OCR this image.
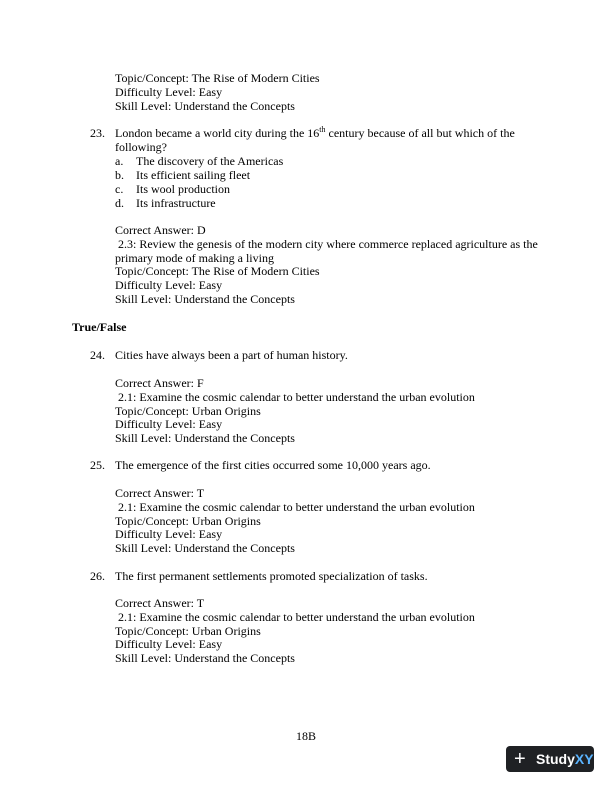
Topic/Concept: The Rise of Modern Cities
Difficulty Level: Easy
Skill Level: Understand the Concepts
23. London became a world city during the 16th century because of all but which of the following?
a. The discovery of the Americas
b. Its efficient sailing fleet
c. Its wool production
d. Its infrastructure
Correct Answer: D
2.3: Review the genesis of the modern city where commerce replaced agriculture as the
primary mode of making a living
Topic/Concept: The Rise of Modern Cities
Difficulty Level: Easy
Skill Level: Understand the Concepts
True/False
24. Cities have always been a part of human history.
Correct Answer: F
2.1: Examine the cosmic calendar to better understand the urban evolution
Topic/Concept: Urban Origins
Difficulty Level: Easy
Skill Level: Understand the Concepts
25. The emergence of the first cities occurred some 10,000 years ago.
Correct Answer: T
2.1: Examine the cosmic calendar to better understand the urban evolution
Topic/Concept: Urban Origins
Difficulty Level: Easy
Skill Level: Understand the Concepts
26. The first permanent settlements promoted specialization of tasks.
Correct Answer: T
2.1: Examine the cosmic calendar to better understand the urban evolution
Topic/Concept: Urban Origins
Difficulty Level: Easy
Skill Level: Understand the Concepts
18B
+ StudyXY
